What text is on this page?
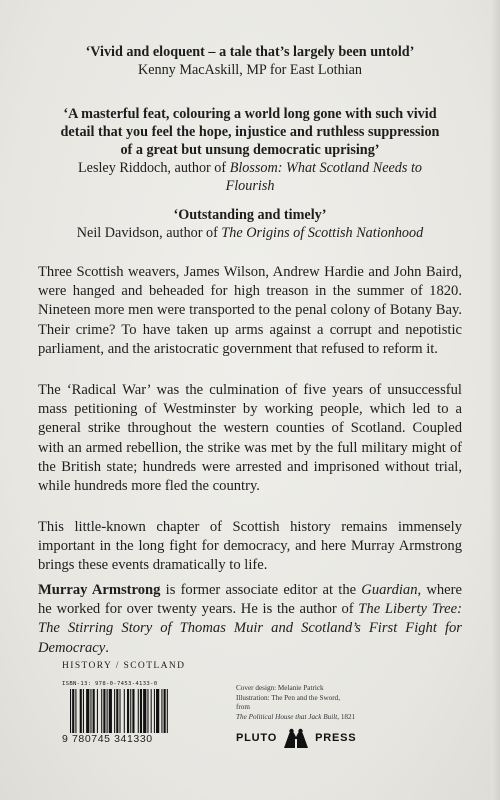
‘Vivid and eloquent – a tale that’s largely been untold’
Kenny MacAskill, MP for East Lothian
‘A masterful feat, colouring a world long gone with such vivid
detail that you feel the hope, injustice and ruthless suppression
of a great but unsung democratic uprising’
Lesley Riddoch, author of Blossom: What Scotland Needs to
Flourish
‘Outstanding and timely’
Neil Davidson, author of The Origins of Scottish Nationhood
Three Scottish weavers, James Wilson, Andrew Hardie and John Baird, were hanged and beheaded for high treason in the summer of 1820. Nineteen more men were transported to the penal colony of Botany Bay. Their crime? To have taken up arms against a corrupt and nepotistic parliament, and the aristocratic government that refused to reform it.
The ‘Radical War’ was the culmination of five years of unsuccessful mass petitioning of Westminster by working people, which led to a general strike throughout the western counties of Scotland. Coupled with an armed rebellion, the strike was met by the full military might of the British state; hundreds were arrested and imprisoned without trial, while hundreds more fled the country.
This little-known chapter of Scottish history remains immensely important in the long fight for democracy, and here Murray Armstrong brings these events dramatically to life.
Murray Armstrong is former associate editor at the Guardian, where he worked for over twenty years. He is the author of The Liberty Tree: The Stirring Story of Thomas Muir and Scotland’s First Fight for Democracy.
HISTORY / SCOTLAND
ISBN-13: 978-0-7453-4133-0
9 780745 341330
Cover design: Melanie Patrick
Illustration: The Pen and the Sword,
from
The Political House that Jack Built, 1821
PLUTO	PRESS
